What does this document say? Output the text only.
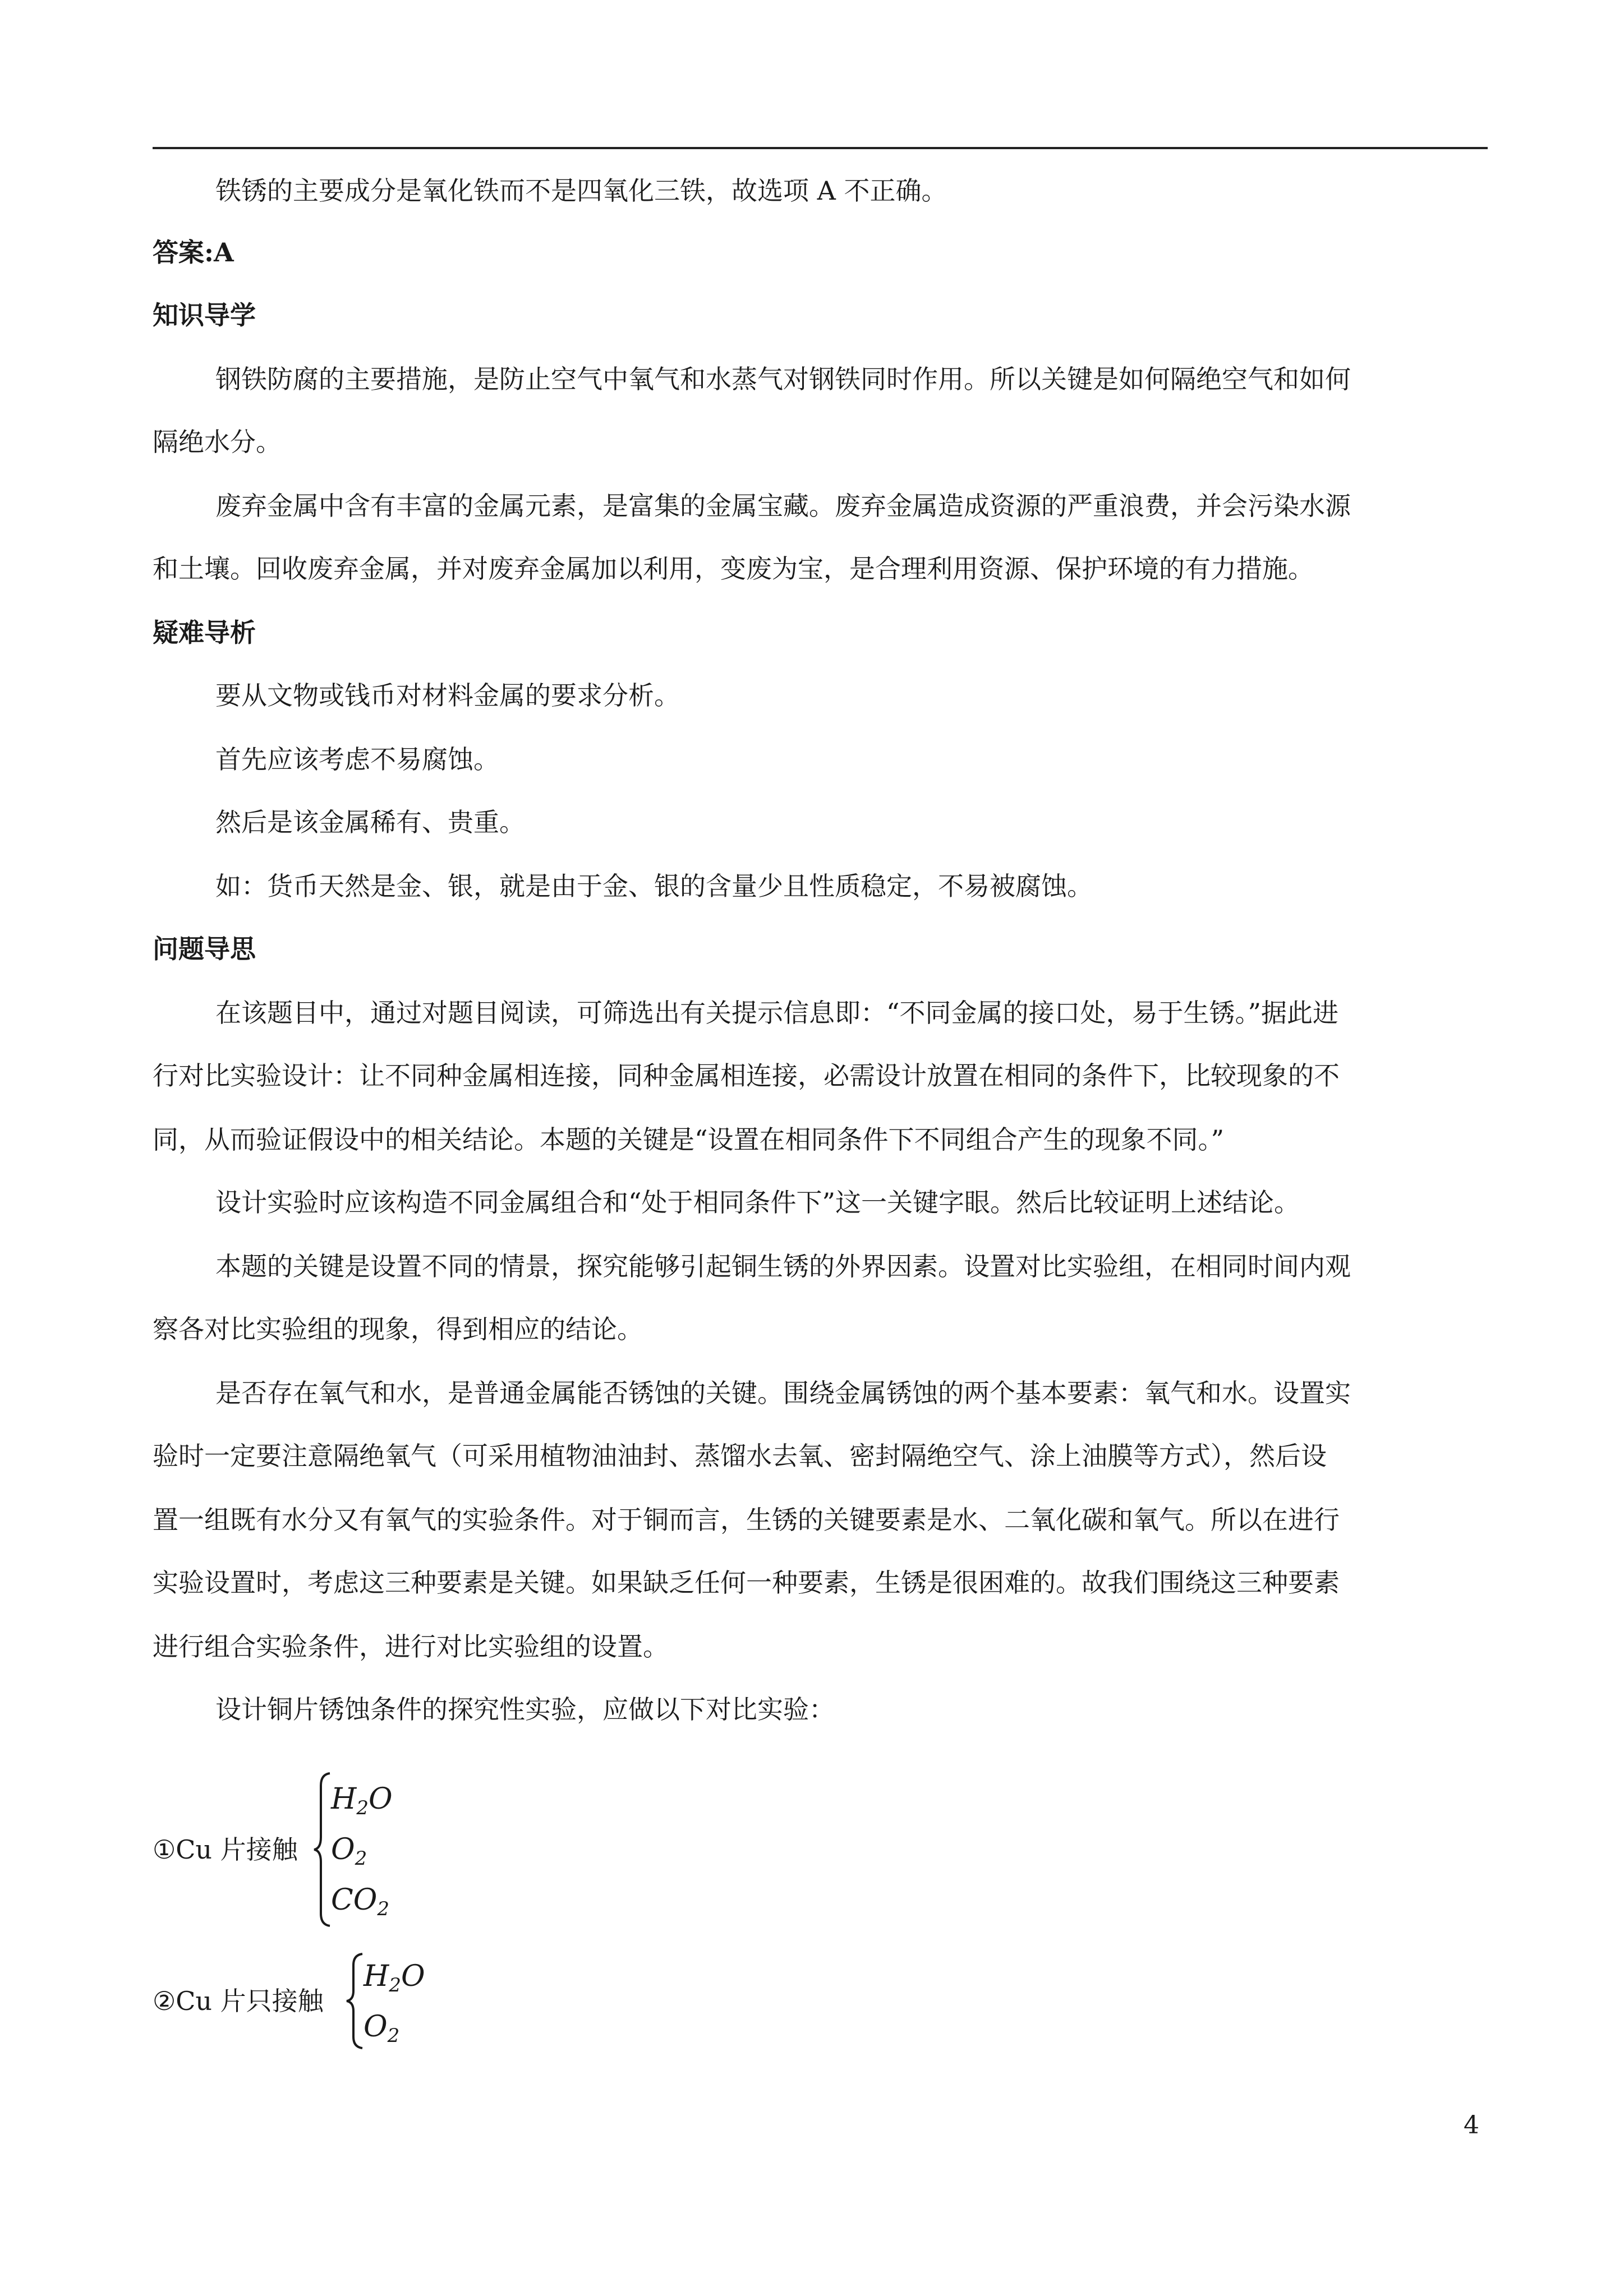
铁锈的主要成分是氧化铁而不是四氧化三铁，故选项 A 不正确。
答案:A
知识导学
钢铁防腐的主要措施，是防止空气中氧气和水蒸气对钢铁同时作用。所以关键是如何隔绝空气和如何
隔绝水分。
废弃金属中含有丰富的金属元素，是富集的金属宝藏。废弃金属造成资源的严重浪费，并会污染水源
和土壤。回收废弃金属，并对废弃金属加以利用，变废为宝，是合理利用资源、保护环境的有力措施。
疑难导析
要从文物或钱币对材料金属的要求分析。
首先应该考虑不易腐蚀。
然后是该金属稀有、贵重。
如：货币天然是金、银，就是由于金、银的含量少且性质稳定，不易被腐蚀。
问题导思
在该题目中，通过对题目阅读，可筛选出有关提示信息即：“不同金属的接口处，易于生锈。”据此进
行对比实验设计：让不同种金属相连接，同种金属相连接，必需设计放置在相同的条件下，比较现象的不
同，从而验证假设中的相关结论。本题的关键是“设置在相同条件下不同组合产生的现象不同。”
设计实验时应该构造不同金属组合和“处于相同条件下”这一关键字眼。然后比较证明上述结论。
本题的关键是设置不同的情景，探究能够引起铜生锈的外界因素。设置对比实验组，在相同时间内观
察各对比实验组的现象，得到相应的结论。
是否存在氧气和水，是普通金属能否锈蚀的关键。围绕金属锈蚀的两个基本要素：氧气和水。设置实
验时一定要注意隔绝氧气（可采用植物油油封、蒸馏水去氧、密封隔绝空气、涂上油膜等方式），然后设
置一组既有水分又有氧气的实验条件。对于铜而言，生锈的关键要素是水、二氧化碳和氧气。所以在进行
实验设置时，考虑这三种要素是关键。如果缺乏任何一种要素，生锈是很困难的。故我们围绕这三种要素
进行组合实验条件，进行对比实验组的设置。
设计铜片锈蚀条件的探究性实验，应做以下对比实验：
①Cu 片接触
$H_2O$
$O_2$
$CO_2$
②Cu 片只接触
$H_2O$
$O_2$
4
